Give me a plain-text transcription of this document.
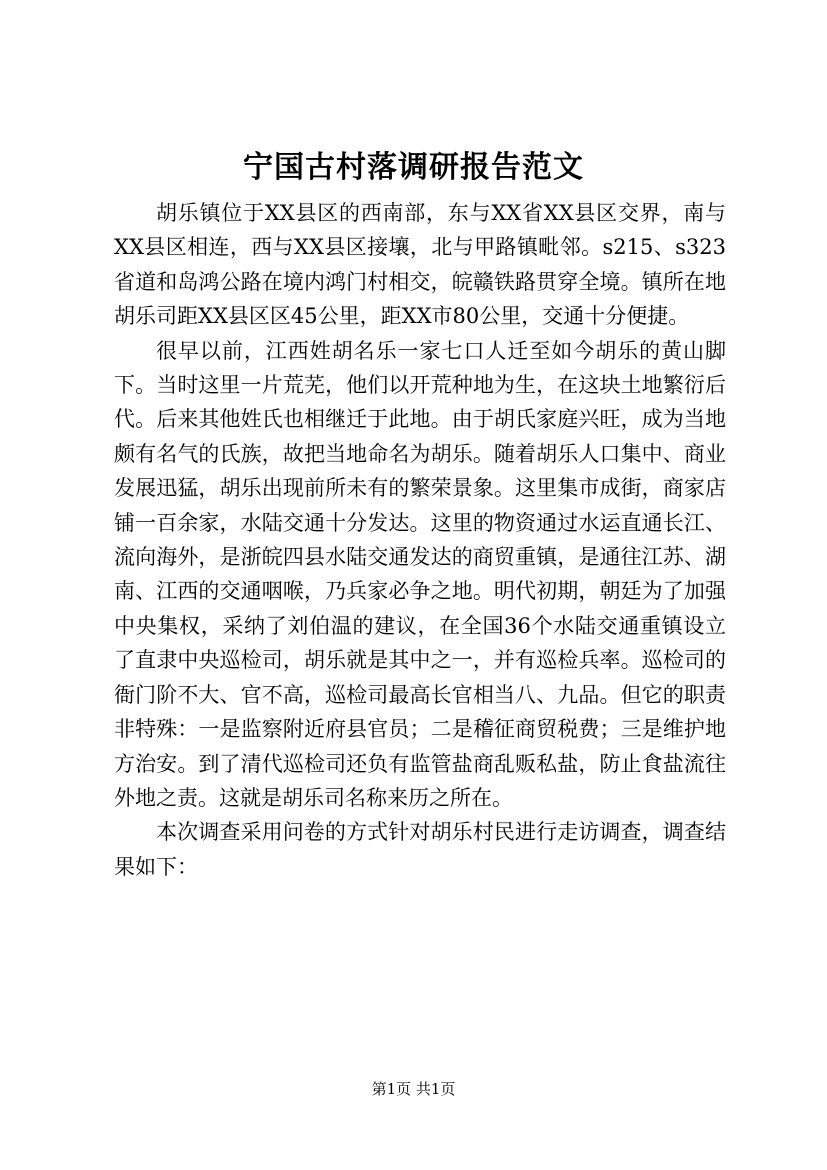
宁国古村落调研报告范文

胡乐镇位于XX县区的西南部，东与XX省XX县区交界，南与XX县区相连，西与XX县区接壤，北与甲路镇毗邻。s215、s323省道和岛鸿公路在境内鸿门村相交，皖赣铁路贯穿全境。镇所在地胡乐司距XX县区区45公里，距XX市80公里，交通十分便捷。

很早以前，江西姓胡名乐一家七口人迁至如今胡乐的黄山脚下。当时这里一片荒芜，他们以开荒种地为生，在这块土地繁衍后代。后来其他姓氏也相继迁于此地。由于胡氏家庭兴旺，成为当地颇有名气的氏族，故把当地命名为胡乐。随着胡乐人口集中、商业发展迅猛，胡乐出现前所未有的繁荣景象。这里集市成街，商家店铺一百余家，水陆交通十分发达。这里的物资通过水运直通长江、流向海外，是浙皖四县水陆交通发达的商贸重镇，是通往江苏、湖南、江西的交通咽喉，乃兵家必争之地。明代初期，朝廷为了加强中央集权，采纳了刘伯温的建议，在全国36个水陆交通重镇设立了直隶中央巡检司，胡乐就是其中之一，并有巡检兵率。巡检司的衙门阶不大、官不高，巡检司最高长官相当八、九品。但它的职责非特殊：一是监察附近府县官员；二是稽征商贸税费；三是维护地方治安。到了清代巡检司还负有监管盐商乱贩私盐，防止食盐流往外地之责。这就是胡乐司名称来历之所在。

本次调查采用问卷的方式针对胡乐村民进行走访调查，调查结果如下：

第1页 共1页
